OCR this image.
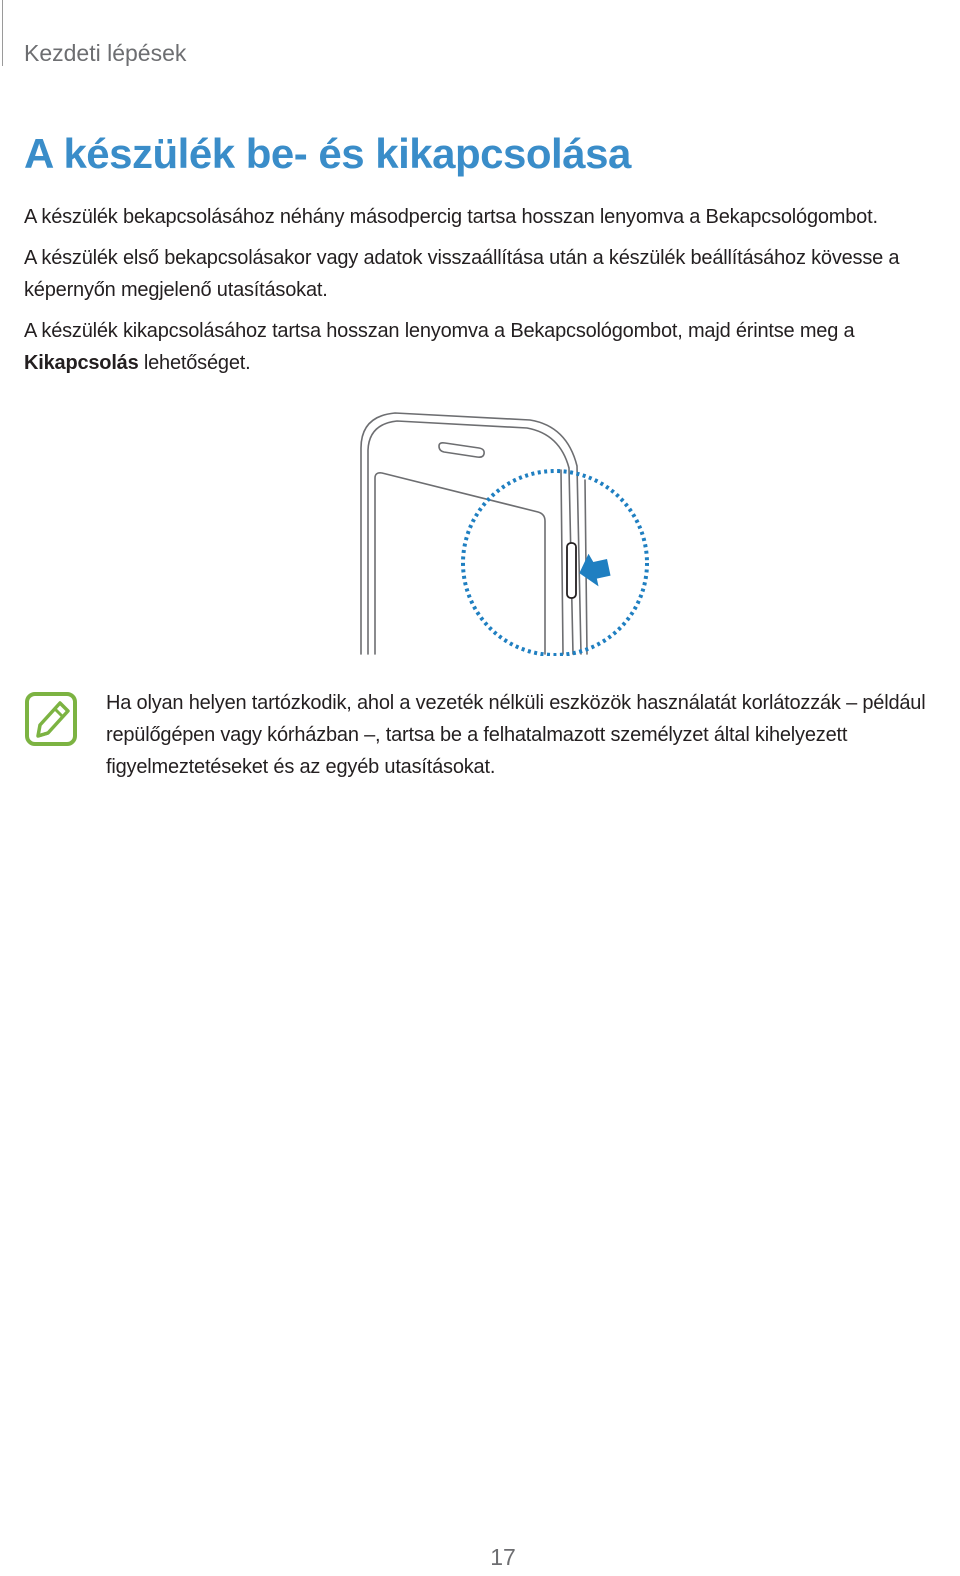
Kezdeti lépések
A készülék be- és kikapcsolása

A készülék bekapcsolásához néhány másodpercig tartsa hosszan lenyomva a Bekapcsológombot.

A készülék első bekapcsolásakor vagy adatok visszaállítása után a készülék beállításához kövesse a képernyőn megjelenő utasításokat.

A készülék kikapcsolásához tartsa hosszan lenyomva a Bekapcsológombot, majd érintse meg a Kikapcsolás lehetőséget.

Ha olyan helyen tartózkodik, ahol a vezeték nélküli eszközök használatát korlátozzák – például repülőgépen vagy kórházban –, tartsa be a felhatalmazott személyzet által kihelyezett figyelmeztetéseket és az egyéb utasításokat.

17
